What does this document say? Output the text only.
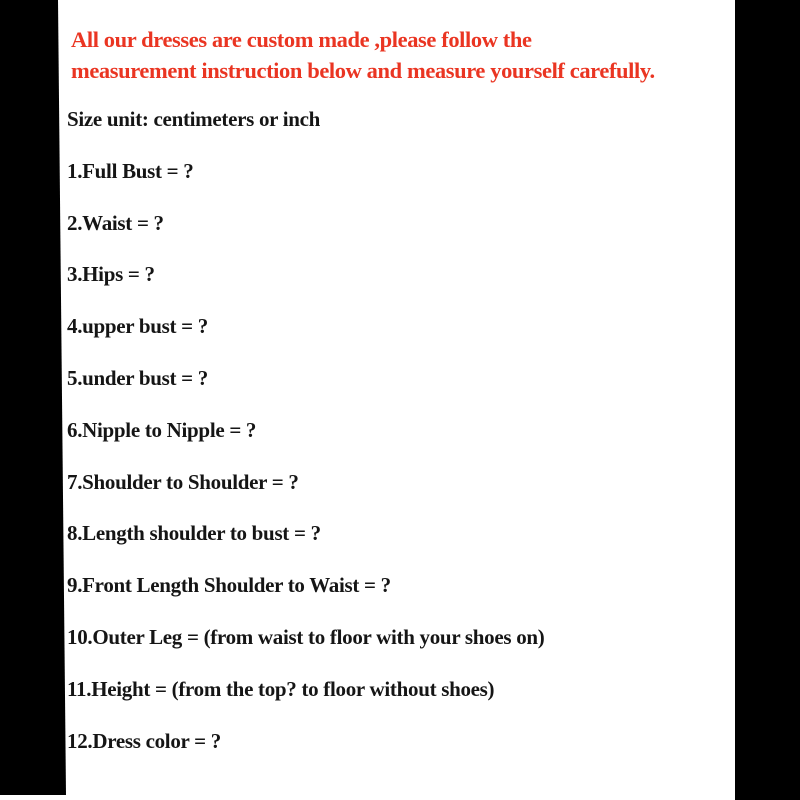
All our dresses are custom made ,please follow the
measurement instruction below and measure yourself carefully.
Size unit: centimeters or inch
1.Full Bust = ?
2.Waist = ?
3.Hips = ?
4.upper bust = ?
5.under bust = ?
6.Nipple to Nipple = ?
7.Shoulder to Shoulder = ?
8.Length shoulder to bust = ?
9.Front Length Shoulder to Waist = ?
10.Outer Leg = (from waist to floor with your shoes on)
11.Height = (from the top? to floor without shoes)
12.Dress color = ?
